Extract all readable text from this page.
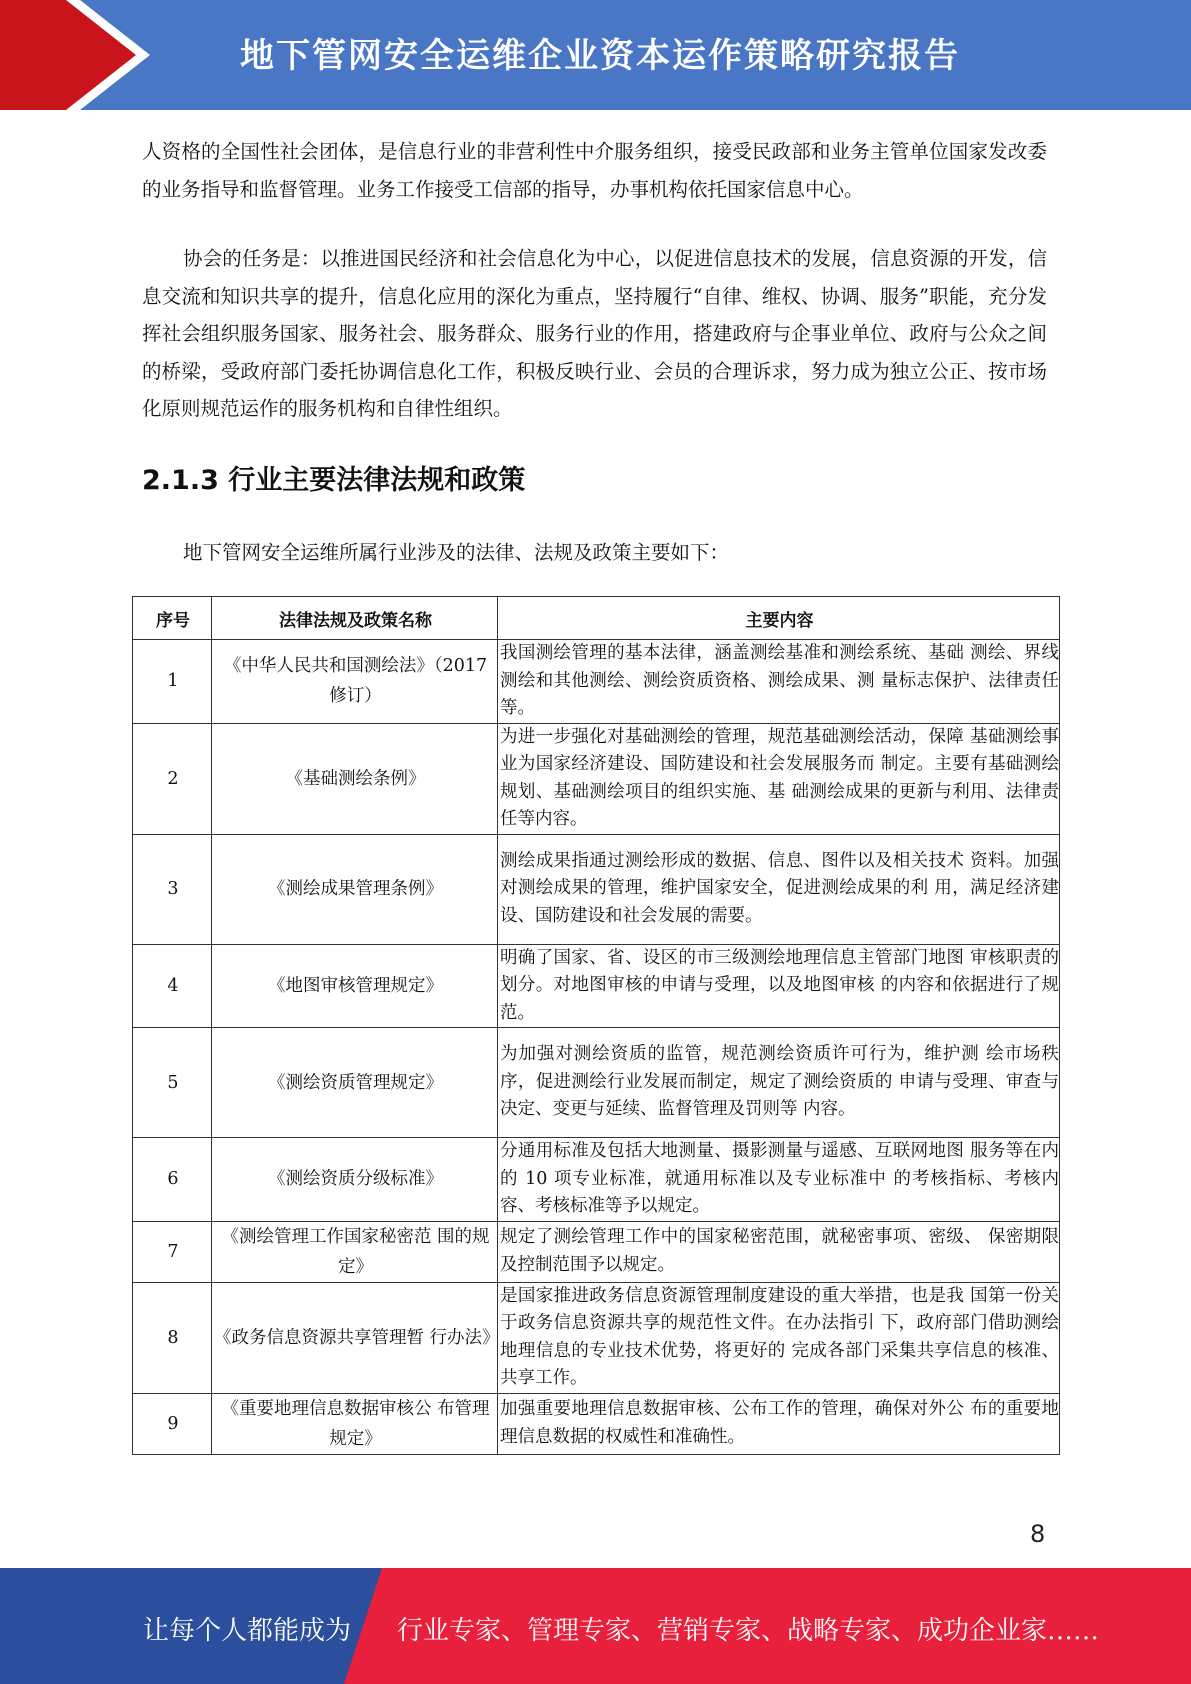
地下管网安全运维企业资本运作策略研究报告
人资格的全国性社会团体，是信息行业的非营利性中介服务组织，接受民政部和业务主管单位国家发改委的业务指导和监督管理。业务工作接受工信部的指导，办事机构依托国家信息中心。
协会的任务是：以推进国民经济和社会信息化为中心，以促进信息技术的发展，信息资源的开发，信息交流和知识共享的提升，信息化应用的深化为重点，坚持履行“自律、维权、协调、服务”职能，充分发挥社会组织服务国家、服务社会、服务群众、服务行业的作用，搭建政府与企事业单位、政府与公众之间的桥梁，受政府部门委托协调信息化工作，积极反映行业、会员的合理诉求，努力成为独立公正、按市场化原则规范运作的服务机构和自律性组织。
2.1.3 行业主要法律法规和政策
地下管网安全运维所属行业涉及的法律、法规及政策主要如下：
序号	法律法规及政策名称	主要内容
1	《中华人民共和国测绘法》（2017 修订）	我国测绘管理的基本法律，涵盖测绘基准和测绘系统、基础 测绘、界线测绘和其他测绘、测绘资质资格、测绘成果、测 量标志保护、法律责任等。
2	《基础测绘条例》	为进一步强化对基础测绘的管理，规范基础测绘活动，保障 基础测绘事业为国家经济建设、国防建设和社会发展服务而 制定。主要有基础测绘规划、基础测绘项目的组织实施、基 础测绘成果的更新与利用、法律责任等内容。
3	《测绘成果管理条例》	测绘成果指通过测绘形成的数据、信息、图件以及相关技术 资料。加强对测绘成果的管理，维护国家安全，促进测绘成果的利 用，满足经济建设、国防建设和社会发展的需要。
4	《地图审核管理规定》	明确了国家、省、设区的市三级测绘地理信息主管部门地图 审核职责的划分。对地图审核的申请与受理，以及地图审核 的内容和依据进行了规范。
5	《测绘资质管理规定》	为加强对测绘资质的监管，规范测绘资质许可行为，维护测 绘市场秩序，促进测绘行业发展而制定，规定了测绘资质的 申请与受理、审查与决定、变更与延续、监督管理及罚则等 内容。
6	《测绘资质分级标准》	分通用标准及包括大地测量、摄影测量与遥感、互联网地图 服务等在内的 10 项专业标准，就通用标准以及专业标准中 的考核指标、考核内容、考核标准等予以规定。
7	《测绘管理工作国家秘密范 围的规定》	规定了测绘管理工作中的国家秘密范围，就秘密事项、密级、 保密期限及控制范围予以规定。
8	《政务信息资源共享管理暂 行办法》	是国家推进政务信息资源管理制度建设的重大举措，也是我 国第一份关于政务信息资源共享的规范性文件。在办法指引 下，政府部门借助测绘地理信息的专业技术优势，将更好的 完成各部门采集共享信息的核准、共享工作。
9	《重要地理信息数据审核公 布管理规定》	加强重要地理信息数据审核、公布工作的管理，确保对外公 布的重要地理信息数据的权威性和准确性。
8
让每个人都能成为 行业专家、管理专家、营销专家、战略专家、成功企业家……
